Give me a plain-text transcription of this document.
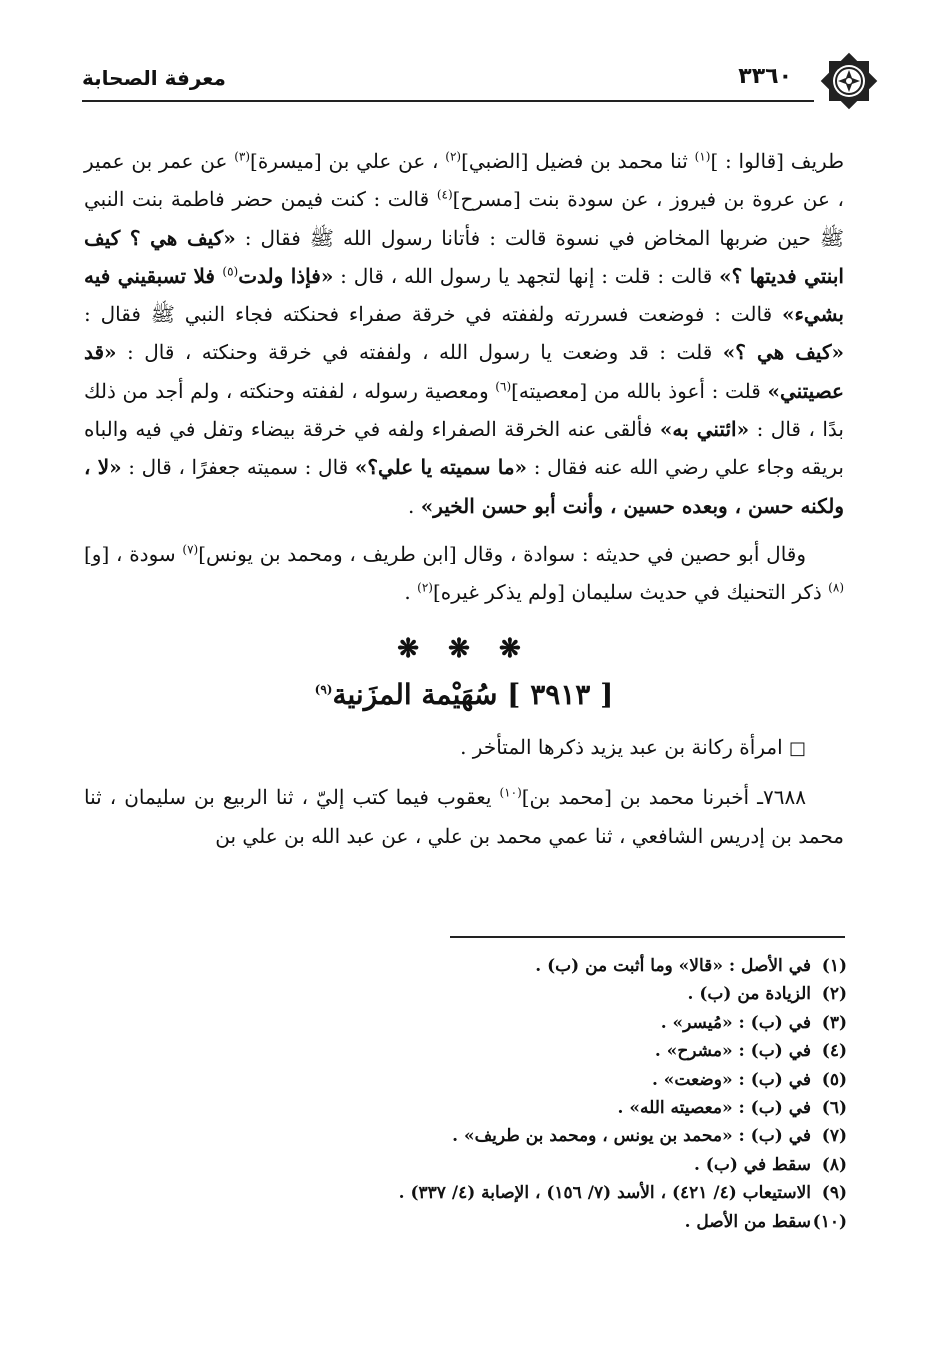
معرفة الصحابة	٣٣٦٠

طريف [قالوا : ]$^{(١)}$ ثنا محمد بن فضيل [الضبي]$^{(٢)}$ ، عن علي بن [ميسرة]$^{(٣)}$ عن عمر بن عمير ، عن عروة بن فيروز ، عن سودة بنت [مسرح]$^{(٤)}$ قالت : كنت فيمن حضر فاطمة بنت النبي ﷺ حين ضربها المخاض في نسوة قالت : فأتانا رسول الله ﷺ فقال : «كيف هي ؟ كيف ابنتي فديتها ؟» قالت : قلت : إنها لتجهد يا رسول الله ، قال : «فإذا ولدت$^{(٥)}$ فلا تسبقيني فيه بشيء» قالت : فوضعت فسررته ولففته في خرقة صفراء فحنكته فجاء النبي ﷺ فقال : «كيف هي ؟» قلت : قد وضعت يا رسول الله ، ولففته في خرقة وحنكته ، قال : «قد عصيتني» قلت : أعوذ بالله من [معصيته]$^{(٦)}$ ومعصية رسوله ، لففته وحنكته ، ولم أجد من ذلك بدًا ، قال : «ائتني به» فألقى عنه الخرقة الصفراء ولفه في خرقة بيضاء وتفل في فيه والباه بريقه وجاء علي رضي الله عنه فقال : «ما سميته يا علي؟» قال : سميته جعفرًا ، قال : «لا ، ولكنه حسن ، وبعده حسين ، وأنت أبو حسن الخير» .

وقال أبو حصين في حديثه : سوادة ، وقال [ابن طريف ، ومحمد بن يونس]$^{(٧)}$ سودة ، [و]$^{(٨)}$ ذكر التحنيك في حديث سليمان [ولم يذكر غيره]$^{(٢)}$ .

❋ ❋ ❋
[ ٣٩١٣ ] سُهَيْمة المزَنية$^{(٩)}$

□ امرأة ركانة بن عبد يزيد ذكرها المتأخر .

٧٦٨٨ـ أخبرنا محمد بن [محمد بن]$^{(١٠)}$ يعقوب فيما كتب إليّ ، ثنا الربيع بن سليمان ، ثنا محمد بن إدريس الشافعي ، ثنا عمي محمد بن علي ، عن عبد الله بن علي بن

(١)في الأصل : «قالا» وما أثبت من (ب) .
(٢)الزيادة من (ب) .
(٣)في (ب) : «مُيسر» .
(٤)في (ب) : «مشرح» .
(٥)في (ب) : «وضعت» .
(٦)في (ب) : «معصيته الله» .
(٧)في (ب) : «محمد بن يونس ، ومحمد بن طريف» .
(٨)سقط في (ب) .
(٩)الاستيعاب (٤/ ٤٢١) ، الأسد (٧/ ١٥٦) ، الإصابة (٤/ ٣٣٧) .
(١٠)سقط من الأصل .
